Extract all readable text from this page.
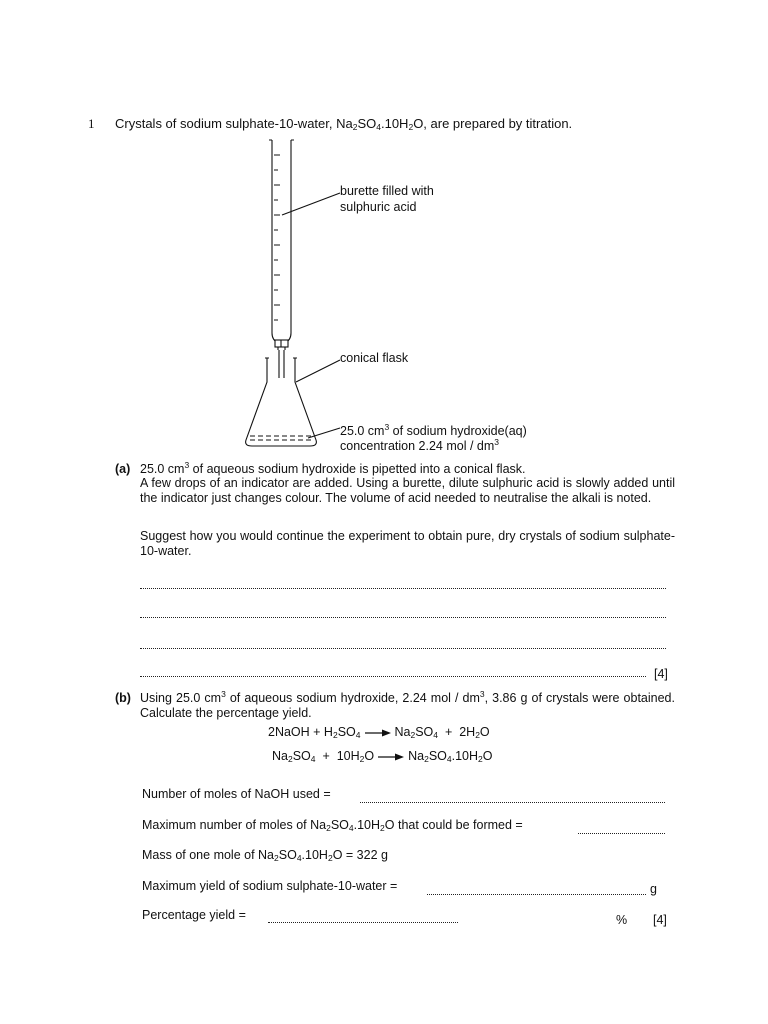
1 Crystals of sodium sulphate-10-water, $Na_2SO_4.10H_2O$, are prepared by titration.
burette filled with
sulphuric acid
conical flask
25.0 $cm^3$ of sodium hydroxide(aq)
concentration 2.24 mol / $dm^3$
(a) 25.0 $cm^3$ of aqueous sodium hydroxide is pipetted into a conical flask.
A few drops of an indicator are added. Using a burette, dilute sulphuric acid is slowly added until the indicator just changes colour. The volume of acid needed to neutralise the alkali is noted.
Suggest how you would continue the experiment to obtain pure, dry crystals of sodium sulphate-10-water.
[4]
(b) Using 25.0 $cm^3$ of aqueous sodium hydroxide, 2.24 mol / $dm^3$, 3.86 g of crystals were obtained. Calculate the percentage yield.
2NaOH + $H_2SO_4 \to Na_2SO_4 + 2H_2O$
$Na_2SO_4 + 10H_2O \to Na_2SO_4.10H_2O$
Number of moles of NaOH used =
Maximum number of moles of $Na_2SO_4.10H_2O$ that could be formed =
Mass of one mole of $Na_2SO_4.10H_2O = 322$ g
Maximum yield of sodium sulphate-10-water =	g
Percentage yield =	% [4]
